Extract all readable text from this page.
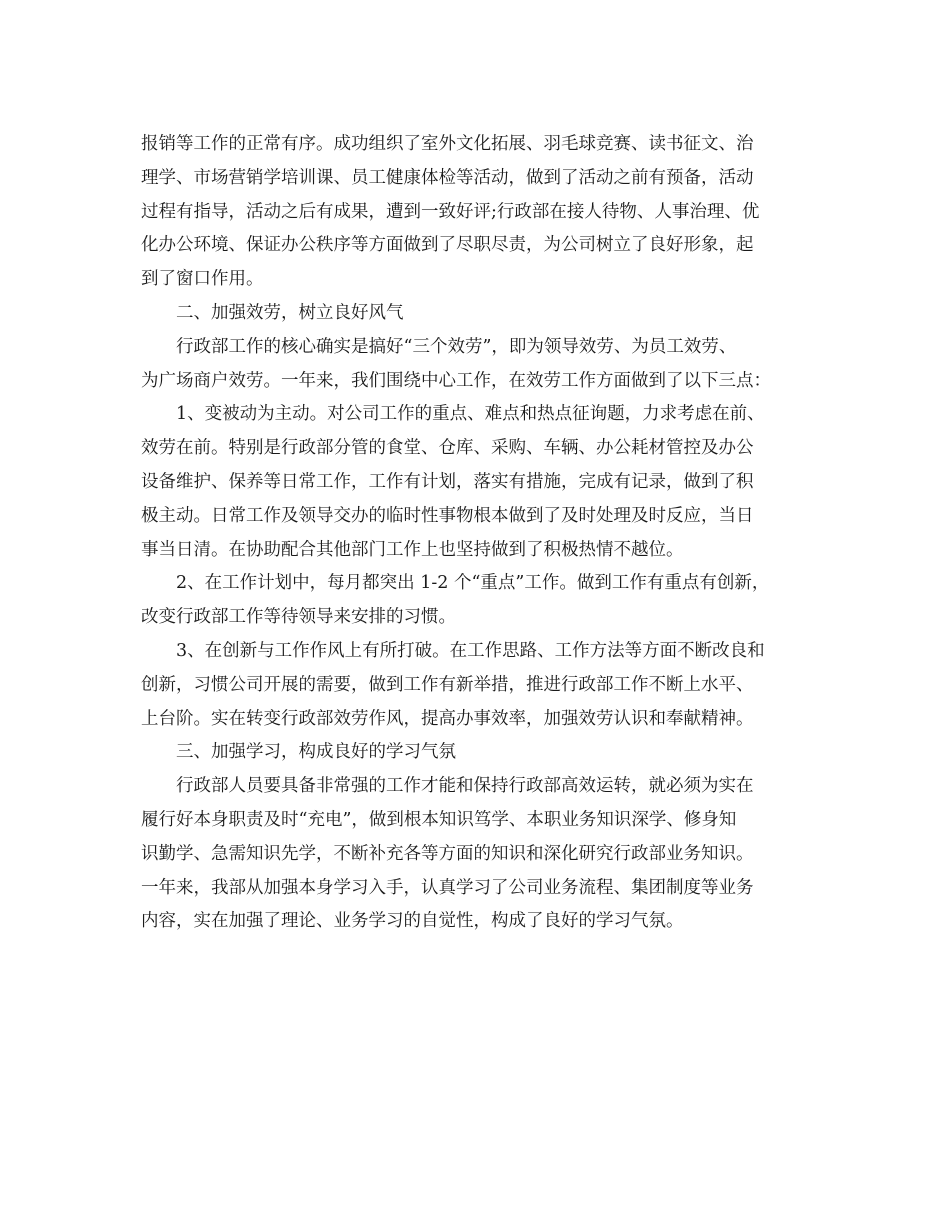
报销等工作的正常有序。成功组织了室外文化拓展、羽毛球竞赛、读书征文、治
理学、市场营销学培训课、员工健康体检等活动，做到了活动之前有预备，活动
过程有指导，活动之后有成果，遭到一致好评;行政部在接人待物、人事治理、优
化办公环境、保证办公秩序等方面做到了尽职尽责，为公司树立了良好形象，起
到了窗口作用。
二、加强效劳，树立良好风气
行政部工作的核心确实是搞好“三个效劳”，即为领导效劳、为员工效劳、
为广场商户效劳。一年来，我们围绕中心工作，在效劳工作方面做到了以下三点：
1、变被动为主动。对公司工作的重点、难点和热点征询题，力求考虑在前、
效劳在前。特别是行政部分管的食堂、仓库、采购、车辆、办公耗材管控及办公
设备维护、保养等日常工作，工作有计划，落实有措施，完成有记录，做到了积
极主动。日常工作及领导交办的临时性事物根本做到了及时处理及时反应，当日
事当日清。在协助配合其他部门工作上也坚持做到了积极热情不越位。
2、在工作计划中，每月都突出 1-2 个“重点”工作。做到工作有重点有创新，
改变行政部工作等待领导来安排的习惯。
3、在创新与工作作风上有所打破。在工作思路、工作方法等方面不断改良和
创新，习惯公司开展的需要，做到工作有新举措，推进行政部工作不断上水平、
上台阶。实在转变行政部效劳作风，提高办事效率，加强效劳认识和奉献精神。
三、加强学习，构成良好的学习气氛
行政部人员要具备非常强的工作才能和保持行政部高效运转，就必须为实在
履行好本身职责及时“充电”，做到根本知识笃学、本职业务知识深学、修身知
识勤学、急需知识先学，不断补充各等方面的知识和深化研究行政部业务知识。
一年来，我部从加强本身学习入手，认真学习了公司业务流程、集团制度等业务
内容，实在加强了理论、业务学习的自觉性，构成了良好的学习气氛。
